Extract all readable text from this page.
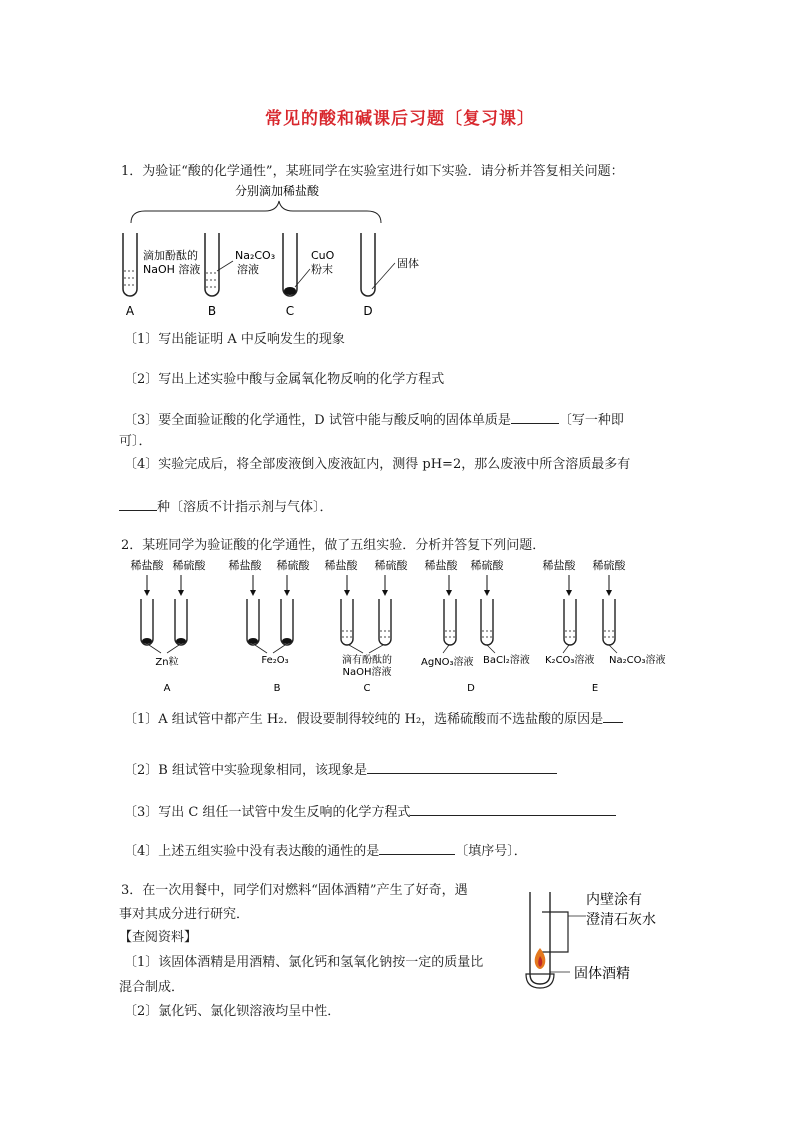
常见的酸和碱课后习题〔复习课〕
1．为验证“酸的化学通性”，某班同学在实验室进行如下实验．请分析并答复相关问题：
分别滴加稀盐酸
滴加酚酞的
NaOH 溶液
Na₂CO₃
溶液
CuO
粉末	固体
A	B	C	D
〔1〕写出能证明 A 中反响发生的现象
〔2〕写出上述实验中酸与金属氧化物反响的化学方程式
〔3〕要全面验证酸的化学通性，D 试管中能与酸反响的固体单质是	〔写一种即
可〕．
〔4〕实验完成后，将全部废液倒入废液缸内，测得 pH=2，那么废液中所含溶质最多有
种〔溶质不计指示剂与气体〕．
2．某班同学为验证酸的化学通性，做了五组实验．分析并答复下列问题．
稀盐酸 稀硫酸
Zn粒
A
稀盐酸 稀硫酸
Fe₂O₃
B
稀盐酸 稀硫酸
滴有酚酞的
NaOH溶液
C
稀盐酸 稀硫酸
AgNO₃溶液 BaCl₂溶液
D
稀盐酸 稀硫酸
K₂CO₃溶液 Na₂CO₃溶液
E
〔1〕A 组试管中都产生 H₂．假设要制得较纯的 H₂，选稀硫酸而不选盐酸的原因是
〔2〕B 组试管中实验现象相同，该现象是
〔3〕写出 C 组任一试管中发生反响的化学方程式
〔4〕上述五组实验中没有表达酸的通性的是	〔填序号〕．
3．在一次用餐中，同学们对燃料“固体酒精”产生了好奇，遇
事对其成分进行研究．
【查阅资料】
〔1〕该固体酒精是用酒精、氯化钙和氢氧化钠按一定的质量比
混合制成．
〔2〕氯化钙、氯化钡溶液均呈中性．
内壁涂有
澄清石灰水
固体酒精
